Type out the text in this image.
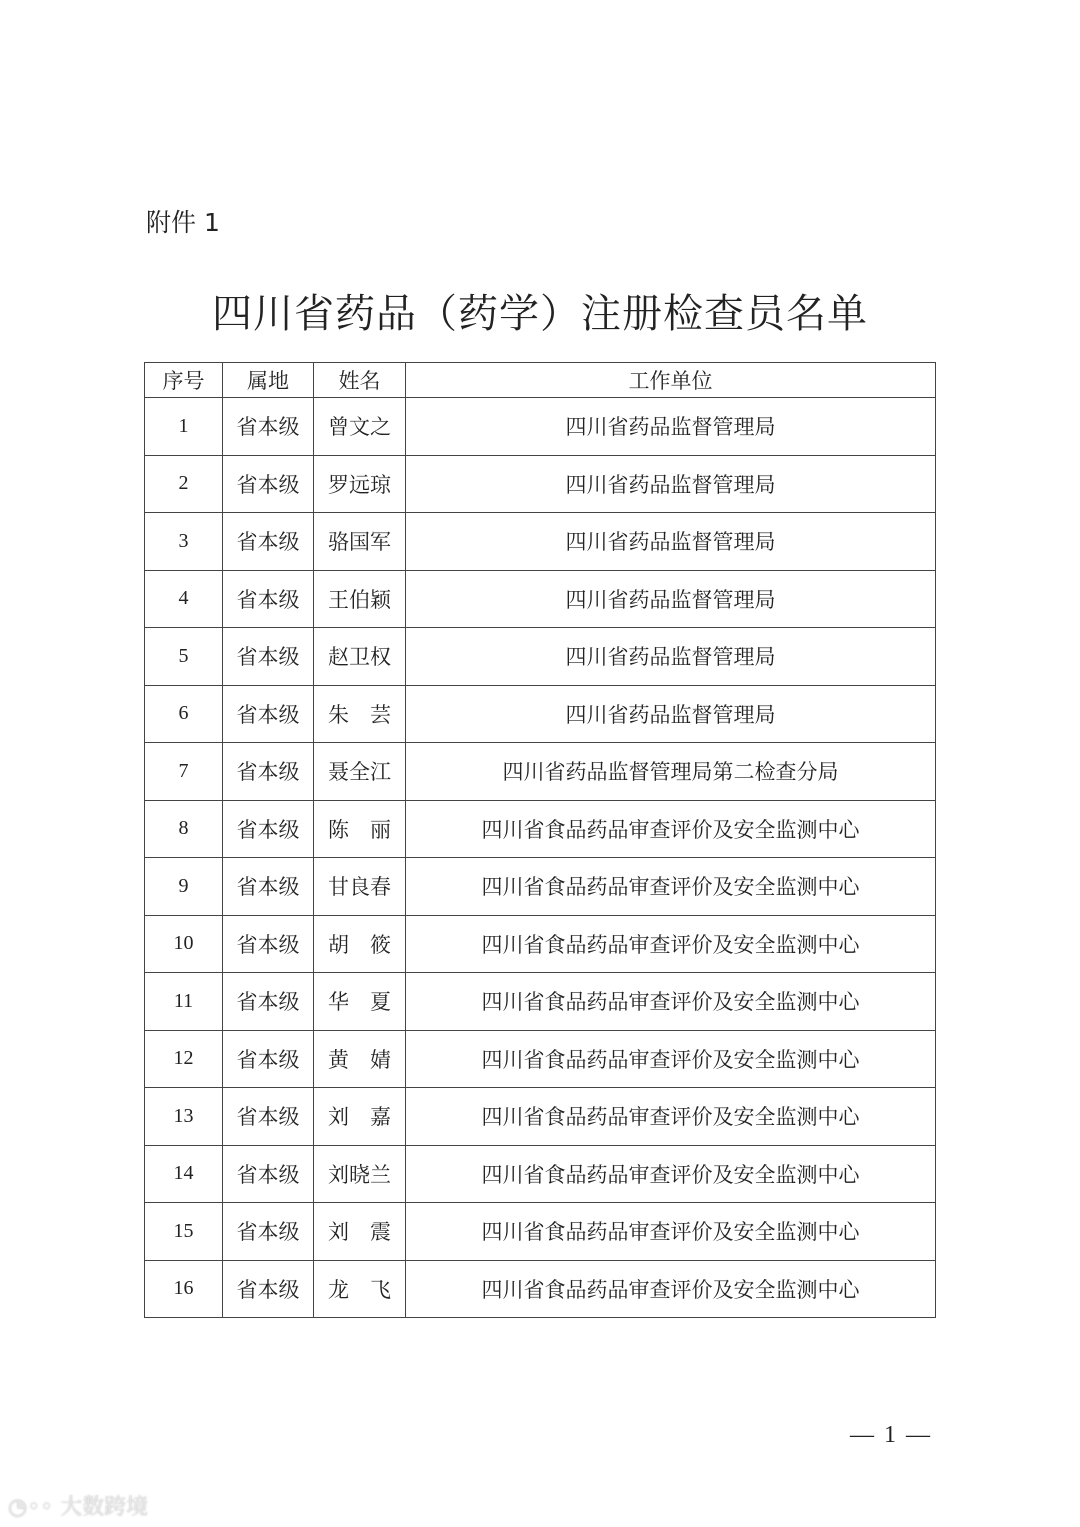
附件 1
四川省药品（药学）注册检查员名单
序号	属地	姓名	工作单位
1	省本级	曾文之	四川省药品监督管理局
2	省本级	罗远琼	四川省药品监督管理局
3	省本级	骆国军	四川省药品监督管理局
4	省本级	王伯颖	四川省药品监督管理局
5	省本级	赵卫权	四川省药品监督管理局
6	省本级	朱　芸	四川省药品监督管理局
7	省本级	聂全江	四川省药品监督管理局第二检查分局
8	省本级	陈　丽	四川省食品药品审查评价及安全监测中心
9	省本级	甘良春	四川省食品药品审查评价及安全监测中心
10	省本级	胡　筱	四川省食品药品审查评价及安全监测中心
11	省本级	华　夏	四川省食品药品审查评价及安全监测中心
12	省本级	黄　婧	四川省食品药品审查评价及安全监测中心
13	省本级	刘　嘉	四川省食品药品审查评价及安全监测中心
14	省本级	刘晓兰	四川省食品药品审查评价及安全监测中心
15	省本级	刘　震	四川省食品药品审查评价及安全监测中心
16	省本级	龙　飞	四川省食品药品审查评价及安全监测中心
— 1 —
◔◦◦ 大数跨境
